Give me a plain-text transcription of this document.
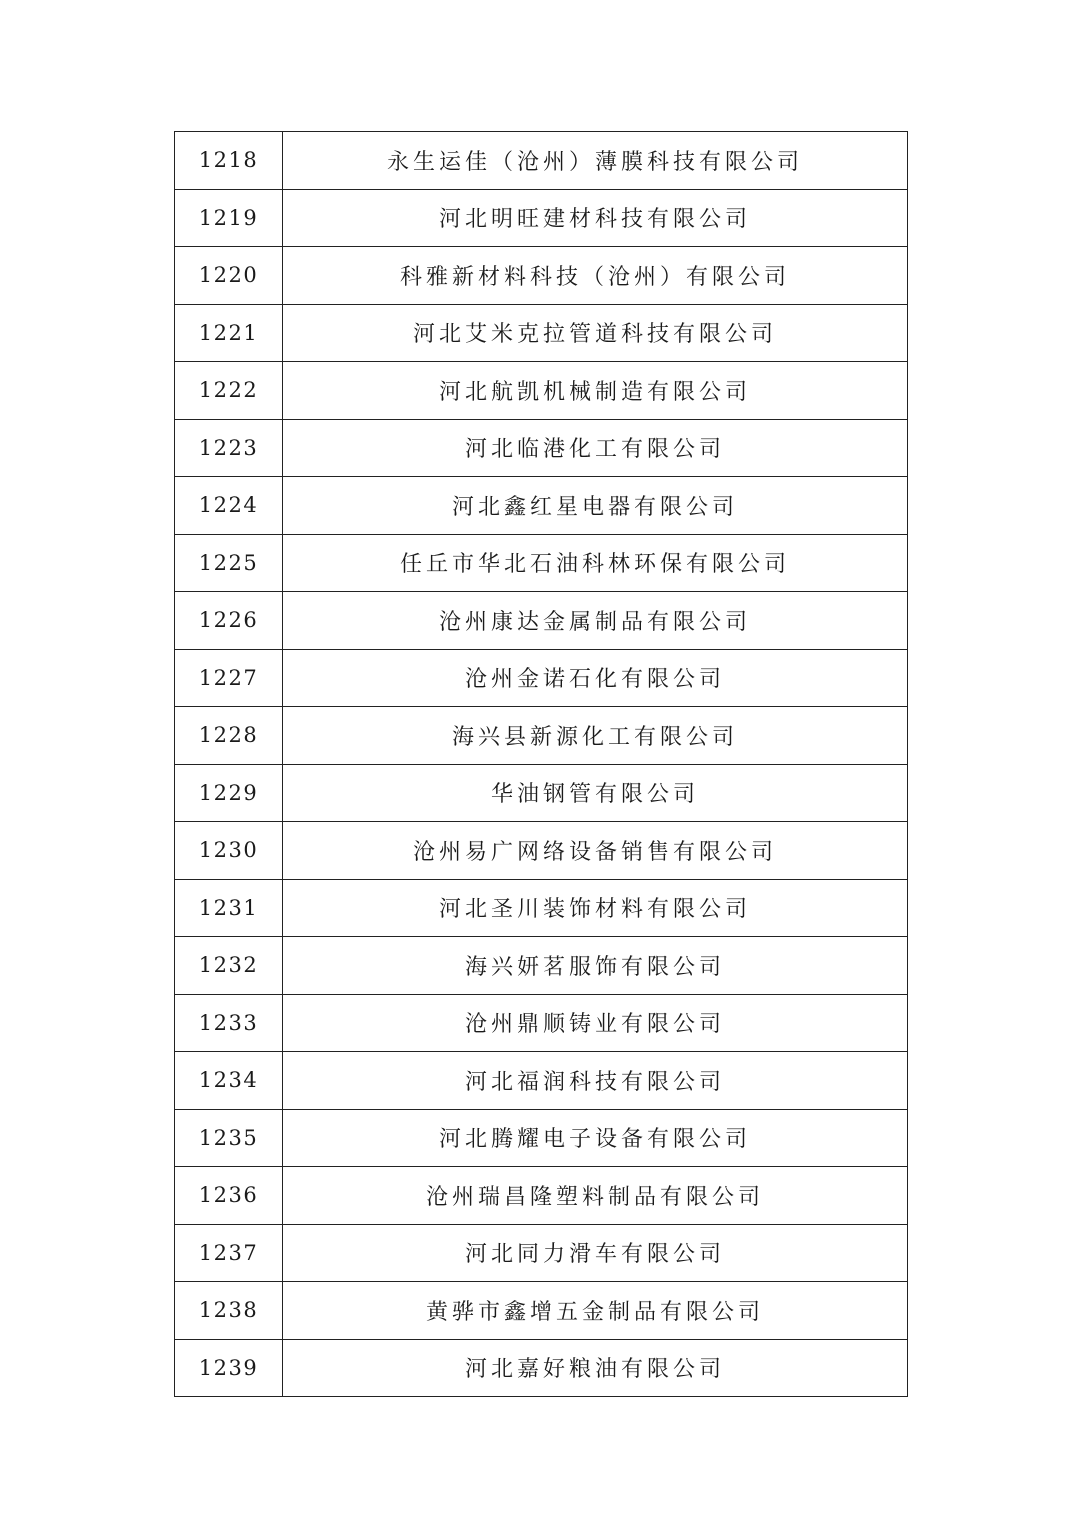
1218	永生运佳（沧州）薄膜科技有限公司
1219	河北明旺建材科技有限公司
1220	科雅新材料科技（沧州）有限公司
1221	河北艾米克拉管道科技有限公司
1222	河北航凯机械制造有限公司
1223	河北临港化工有限公司
1224	河北鑫红星电器有限公司
1225	任丘市华北石油科林环保有限公司
1226	沧州康达金属制品有限公司
1227	沧州金诺石化有限公司
1228	海兴县新源化工有限公司
1229	华油钢管有限公司
1230	沧州易广网络设备销售有限公司
1231	河北圣川装饰材料有限公司
1232	海兴妍茗服饰有限公司
1233	沧州鼎顺铸业有限公司
1234	河北福润科技有限公司
1235	河北腾耀电子设备有限公司
1236	沧州瑞昌隆塑料制品有限公司
1237	河北同力滑车有限公司
1238	黄骅市鑫增五金制品有限公司
1239	河北嘉好粮油有限公司
